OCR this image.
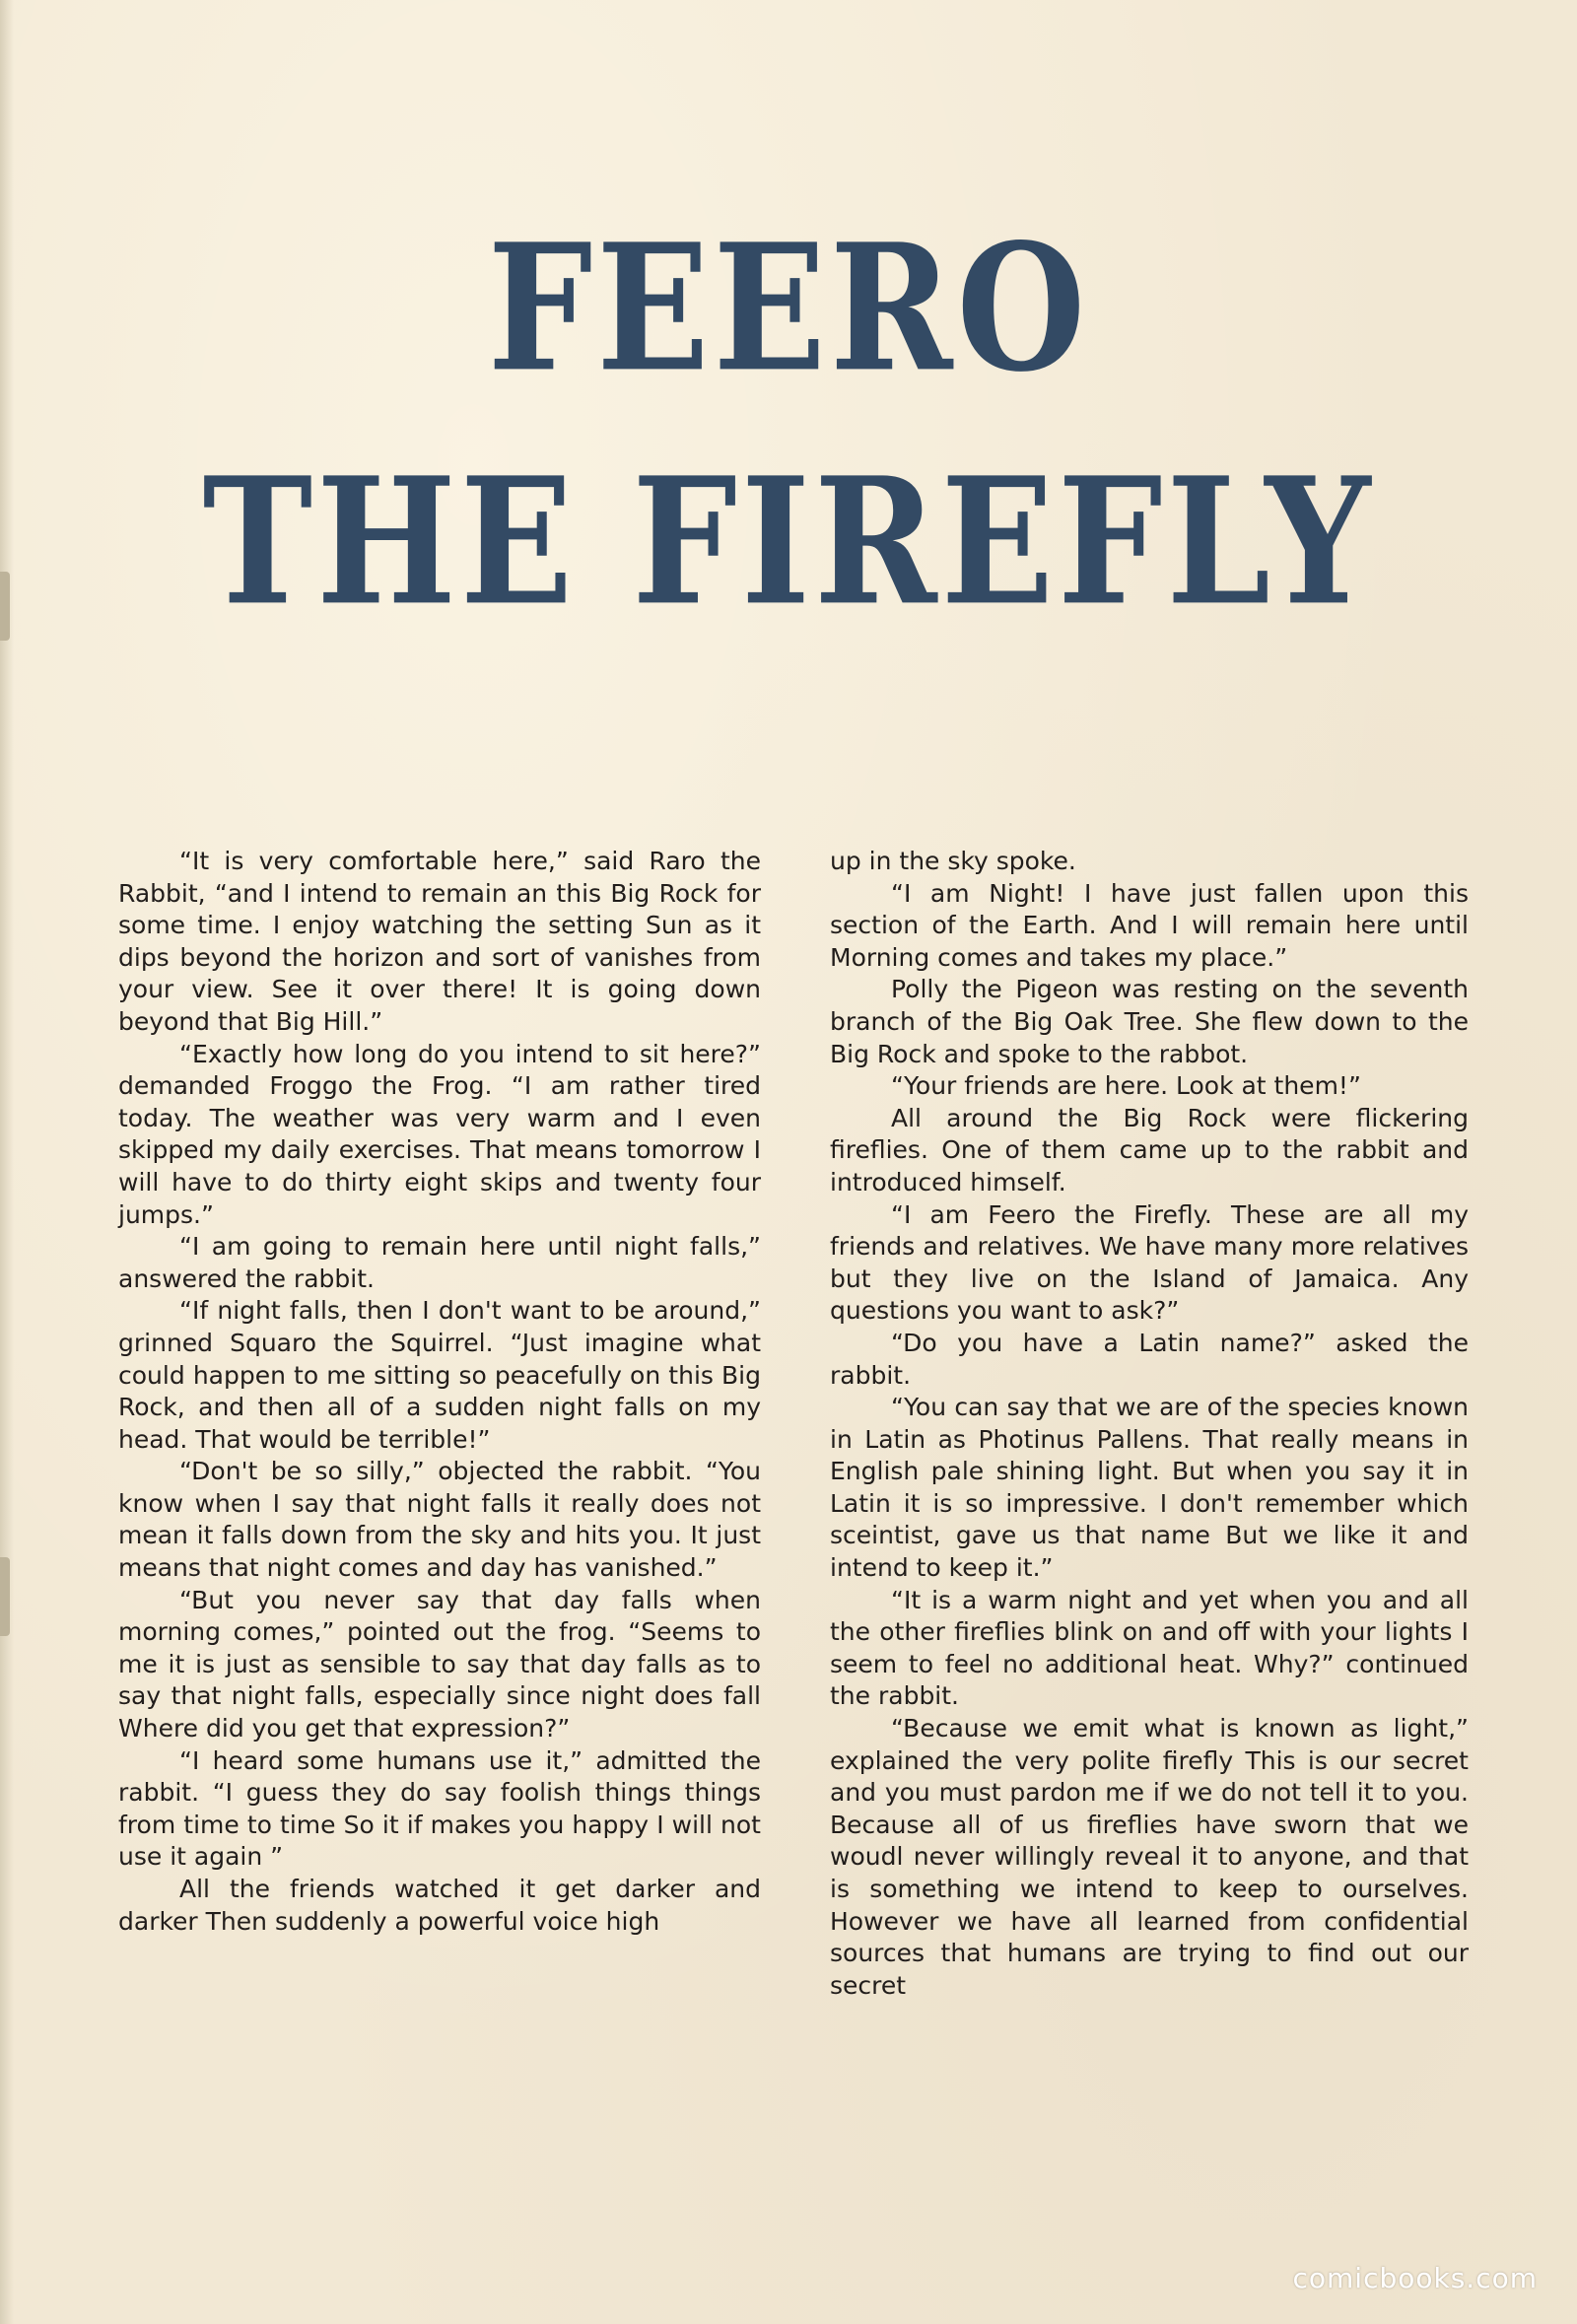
FEERO
THE FIREFLY

“It is very comfortable here,” said Raro the Rabbit, “and I intend to remain an this Big Rock for some time. I enjoy watching the setting Sun as it dips beyond the horizon and sort of vanishes from your view. See it over there! It is going down beyond that Big Hill.”

“Exactly how long do you intend to sit here?” demanded Froggo the Frog. “I am rather tired today. The weather was very warm and I even skipped my daily exercises. That means tomorrow I will have to do thirty eight skips and twenty four jumps.”

“I am going to remain here until night falls,” answered the rabbit.

“If night falls, then I don't want to be around,” grinned Squaro the Squirrel. “Just imagine what could happen to me sitting so peacefully on this Big Rock, and then all of a sudden night falls on my head. That would be terrible!”

“Don't be so silly,” objected the rabbit. “You know when I say that night falls it really does not mean it falls down from the sky and hits you. It just means that night comes and day has vanished.”

“But you never say that day falls when morning comes,” pointed out the frog. “Seems to me it is just as sensible to say that day falls as to say that night falls, especially since night does fall Where did you get that expression?”

“I heard some humans use it,” admitted the rabbit. “I guess they do say foolish things things from time to time So it if makes you happy I will not use it again ”

All the friends watched it get darker and darker Then suddenly a powerful voice high

up in the sky spoke.

“I am Night! I have just fallen upon this section of the Earth. And I will remain here until Morning comes and takes my place.”

Polly the Pigeon was resting on the seventh branch of the Big Oak Tree. She flew down to the Big Rock and spoke to the rabbot.

“Your friends are here. Look at them!”

All around the Big Rock were flickering fireflies. One of them came up to the rabbit and introduced himself.

“I am Feero the Firefly. These are all my friends and relatives. We have many more relatives but they live on the Island of Jamaica. Any questions you want to ask?”

“Do you have a Latin name?” asked the rabbit.

“You can say that we are of the species known in Latin as Photinus Pallens. That really means in English pale shining light. But when you say it in Latin it is so impressive. I don't remember which sceintist, gave us that name But we like it and intend to keep it.”

“It is a warm night and yet when you and all the other fireflies blink on and off with your lights I seem to feel no additional heat. Why?” continued the rabbit.

“Because we emit what is known as light,” explained the very polite firefly This is our secret and you must pardon me if we do not tell it to you. Because all of us fireflies have sworn that we woudl never willingly reveal it to anyone, and that is something we intend to keep to ourselves. However we have all learned from confidential sources that humans are trying to find out our secret

comicbooks.com
